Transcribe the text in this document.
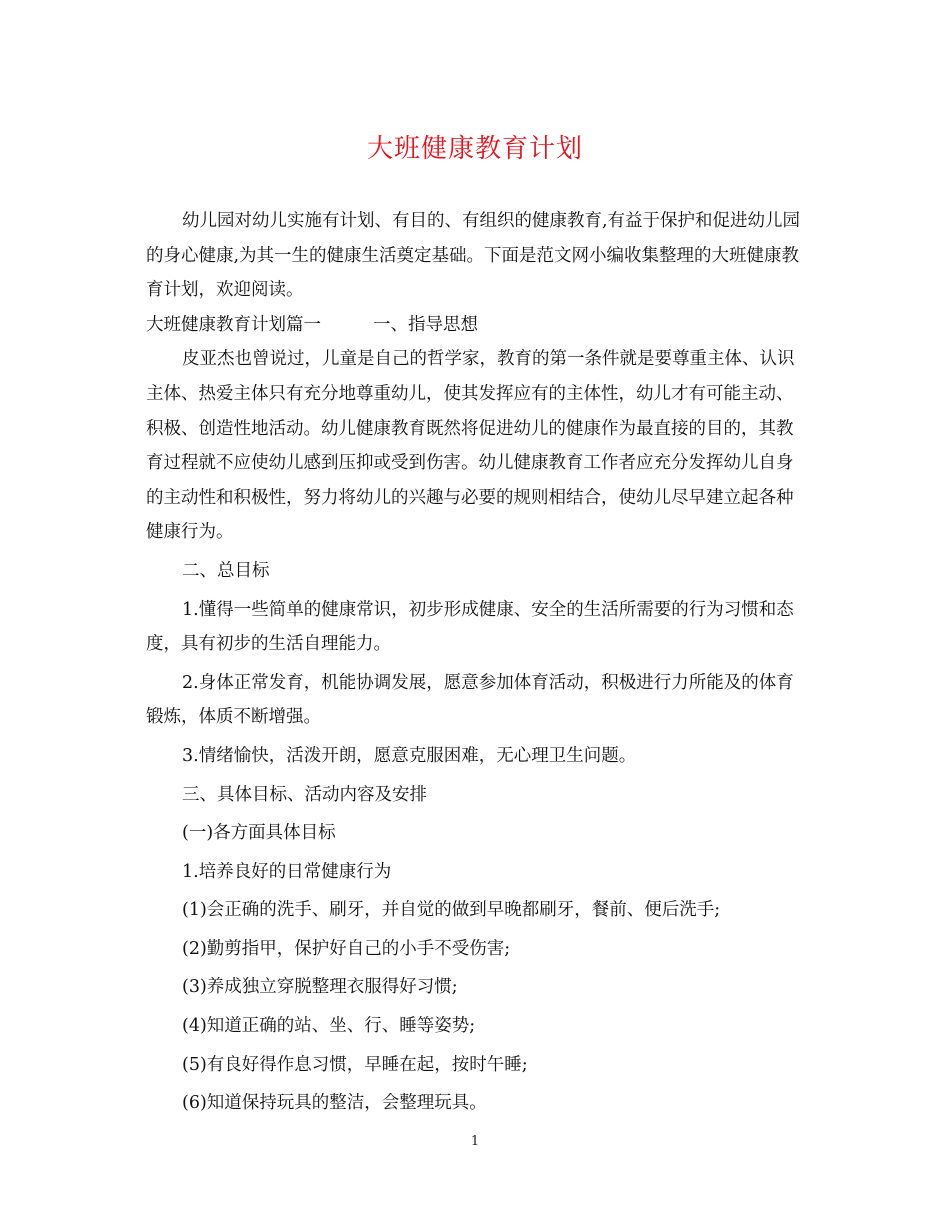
大班健康教育计划

幼儿园对幼儿实施有计划、有目的、有组织的健康教育,有益于保护和促进幼儿园的身心健康,为其一生的健康生活奠定基础。下面是范文网小编收集整理的大班健康教育计划，欢迎阅读。

大班健康教育计划篇一	一、指导思想

皮亚杰也曾说过，儿童是自己的哲学家，教育的第一条件就是要尊重主体、认识主体、热爱主体只有充分地尊重幼儿，使其发挥应有的主体性，幼儿才有可能主动、积极、创造性地活动。幼儿健康教育既然将促进幼儿的健康作为最直接的目的，其教育过程就不应使幼儿感到压抑或受到伤害。幼儿健康教育工作者应充分发挥幼儿自身的主动性和积极性，努力将幼儿的兴趣与必要的规则相结合，使幼儿尽早建立起各种健康行为。

二、总目标

1.懂得一些简单的健康常识，初步形成健康、安全的生活所需要的行为习惯和态度，具有初步的生活自理能力。

2.身体正常发育，机能协调发展，愿意参加体育活动，积极进行力所能及的体育锻炼，体质不断增强。

3.情绪愉快，活泼开朗，愿意克服困难，无心理卫生问题。

三、具体目标、活动内容及安排

(一)各方面具体目标

1.培养良好的日常健康行为

(1)会正确的洗手、刷牙，并自觉的做到早晚都刷牙，餐前、便后洗手;

(2)勤剪指甲，保护好自己的小手不受伤害;

(3)养成独立穿脱整理衣服得好习惯;

(4)知道正确的站、坐、行、睡等姿势;

(5)有良好得作息习惯，早睡在起，按时午睡;

(6)知道保持玩具的整洁，会整理玩具。

1
